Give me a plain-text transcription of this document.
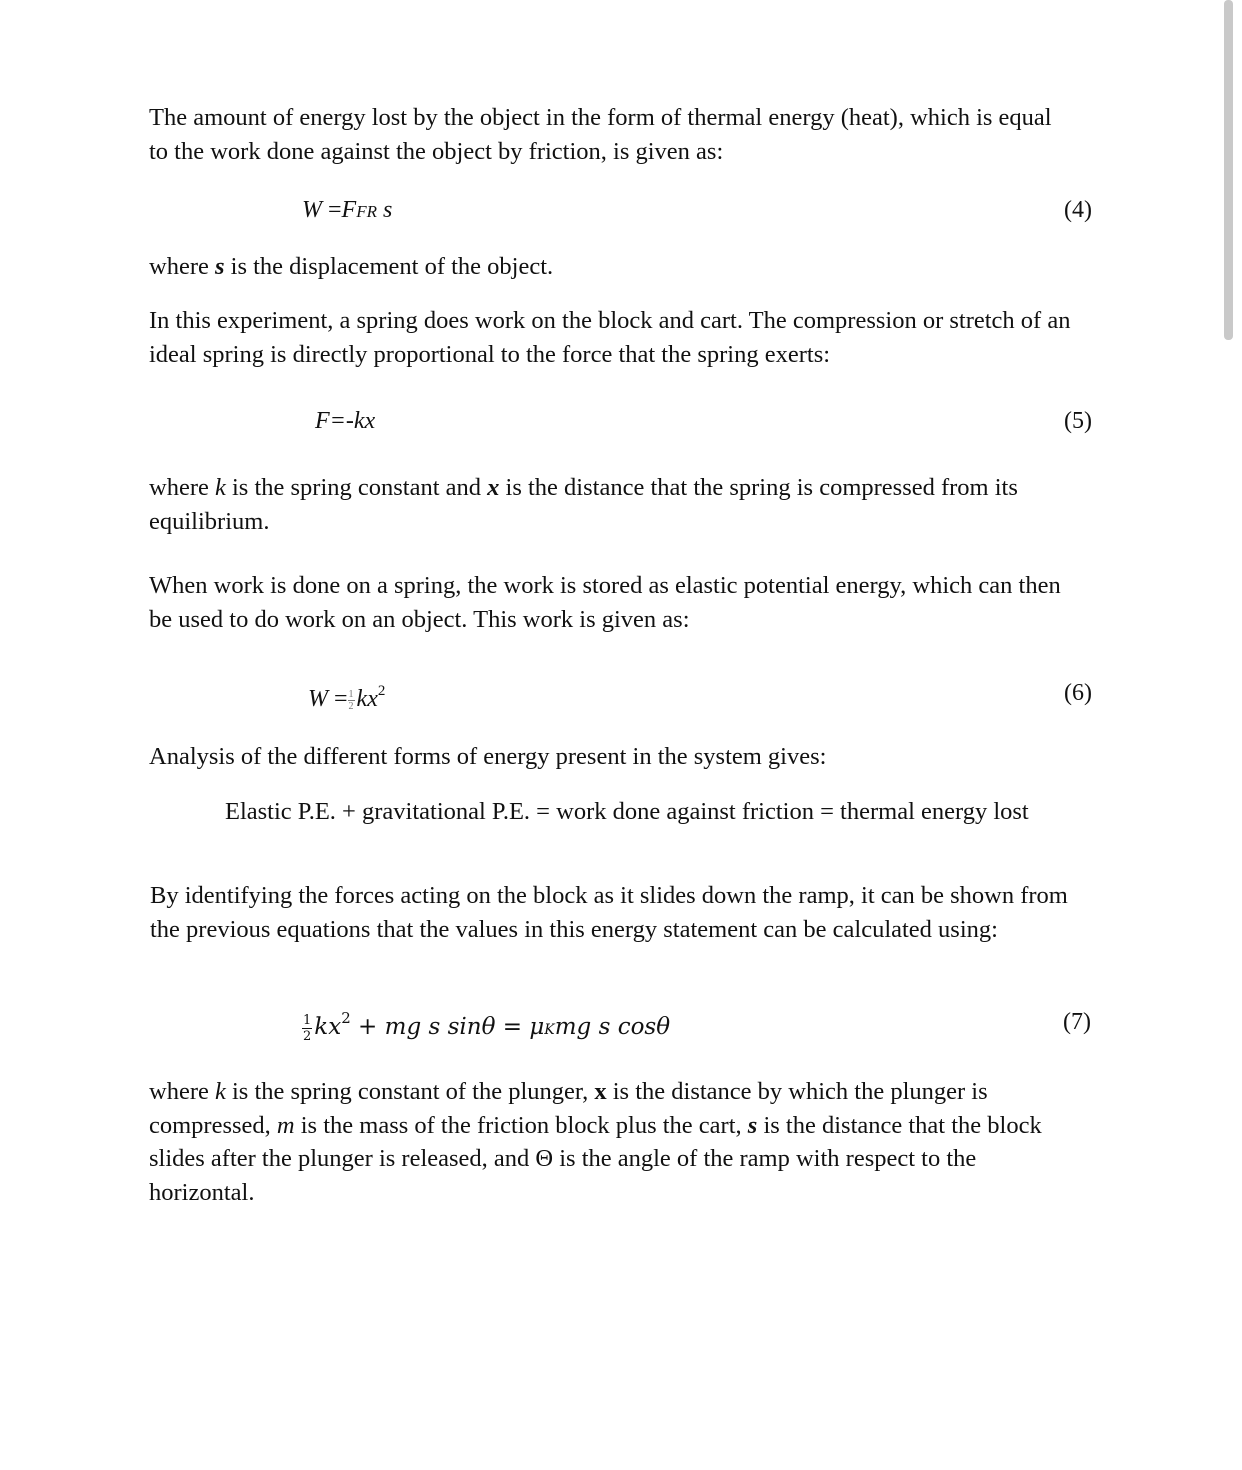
The amount of energy lost by the object in the form of thermal energy (heat), which is equal
to the work done against the object by friction, is given as:

W =FFR s	(4)

where s is the displacement of the object.

In this experiment, a spring does work on the block and cart. The compression or stretch of an
ideal spring is directly proportional to the force that the spring exerts:

F=-kx	(5)

where k is the spring constant and x is the distance that the spring is compressed from its
equilibrium.

When work is done on a spring, the work is stored as elastic potential energy, which can then
be used to do work on an object. This work is given as:

$W = \frac{1}{2} kx^2$	(6)

Analysis of the different forms of energy present in the system gives:

Elastic P.E. + gravitational P.E. = work done against friction = thermal energy lost

By identifying the forces acting on the block as it slides down the ramp, it can be shown from
the previous equations that the values in this energy statement can be calculated using:

$\frac{1}{2} kx^2$ + mg s sinθ = μKmg s cosθ	(7)

where k is the spring constant of the plunger, x is the distance by which the plunger is
compressed, m is the mass of the friction block plus the cart, s is the distance that the block
slides after the plunger is released, and Θ is the angle of the ramp with respect to the
horizontal.
